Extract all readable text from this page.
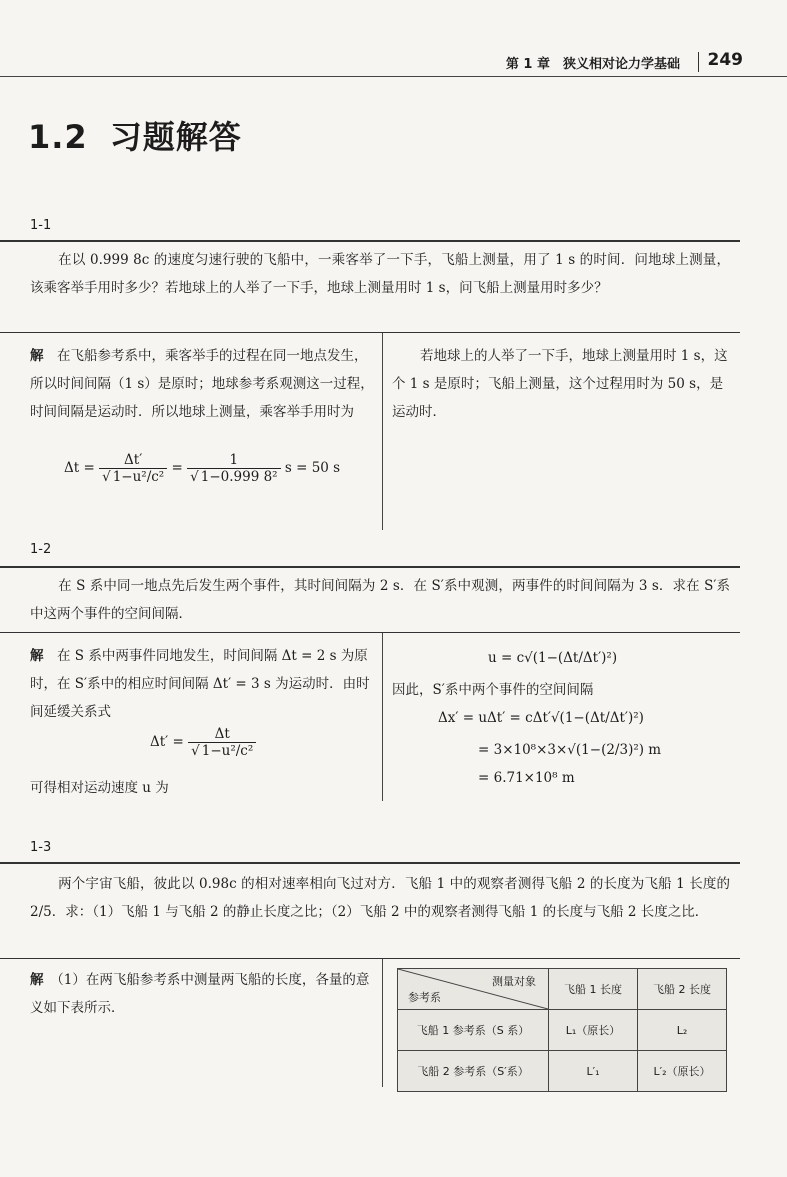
第 1 章　狭义相对论力学基础 249
1.2 习题解答
1-1
在以 0.999 8c 的速度匀速行驶的飞船中，一乘客举了一下手，飞船上测量，用了 1 s 的时间．问地球上测量，该乘客举手用时多少？若地球上的人举了一下手，地球上测量用时 1 s，问飞船上测量用时多少？
解　 在飞船参考系中，乘客举手的过程在同一地点发生，所以时间间隔（1 s）是原时；地球参考系观测这一过程，时间间隔是运动时．所以地球上测量，乘客举手用时为
$\Delta t = \frac{\Delta t'}{\text{√ 1−u²/c²}} = \frac{1}{\text{√ 1−0.999 8²}}$ s = 50 s
若地球上的人举了一下手，地球上测量用时 1 s，这个 1 s 是原时；飞船上测量，这个过程用时为 50 s，是运动时．
1-2
在 S 系中同一地点先后发生两个事件，其时间间隔为 2 s．在 S′系中观测，两事件的时间间隔为 3 s．求在 S′系中这两个事件的空间间隔．
解　 在 S 系中两事件同地发生，时间间隔 Δt = 2 s 为原时，在 S′系中的相应时间间隔 Δt′ = 3 s 为运动时．由时间延缓关系式
$\Delta t' = \frac{\Delta t}{\text{√ 1−u²/c²}}$
可得相对运动速度 u 为
u = c√(1−(Δt/Δt′)²)
因此，S′系中两个事件的空间间隔
Δx′ = uΔt′ = cΔt′√(1−(Δt/Δt′)²)
= 3×10⁸×3×√(1−(2/3)²) m
= 6.71×10⁸ m
1-3
两个宇宙飞船，彼此以 0.98c 的相对速率相向飞过对方．飞船 1 中的观察者测得飞船 2 的长度为飞船 1 长度的 2/5．求：（1）飞船 1 与飞船 2 的静止长度之比；（2）飞船 2 中的观察者测得飞船 1 的长度与飞船 2 长度之比．
解　 （1）在两飞船参考系中测量两飞船的长度，各量的意义如下表所示．
测量对象
参考系	飞船 1 长度	飞船 2 长度
飞船 1 参考系（S 系）	L₁（原长）	L₂
飞船 2 参考系（S′系）	L′₁	L′₂（原长）
